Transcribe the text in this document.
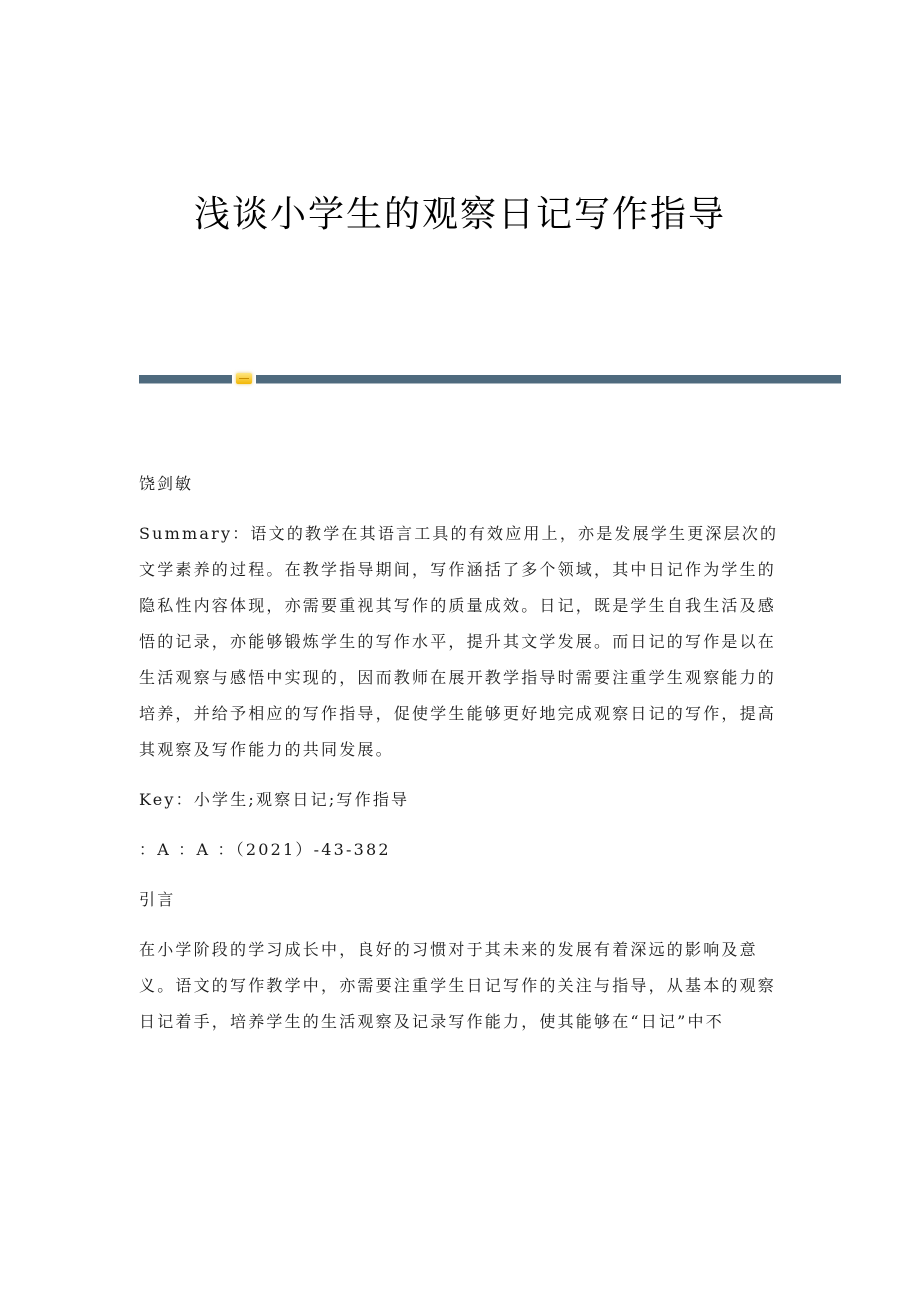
浅谈小学生的观察日记写作指导

饶剑敏

Summary：语文的教学在其语言工具的有效应用上，亦是发展学生更深层次的文学素养的过程。在教学指导期间，写作涵括了多个领域，其中日记作为学生的隐私性内容体现，亦需要重视其写作的质量成效。日记，既是学生自我生活及感悟的记录，亦能够锻炼学生的写作水平，提升其文学发展。而日记的写作是以在生活观察与感悟中实现的，因而教师在展开教学指导时需要注重学生观察能力的培养，并给予相应的写作指导，促使学生能够更好地完成观察日记的写作，提高其观察及写作能力的共同发展。

Key：小学生;观察日记;写作指导

：A ：A ：（2021）-43-382

引言

在小学阶段的学习成长中，良好的习惯对于其未来的发展有着深远的影响及意义。语文的写作教学中，亦需要注重学生日记写作的关注与指导，从基本的观察日记着手，培养学生的生活观察及记录写作能力，使其能够在“日记”中不
